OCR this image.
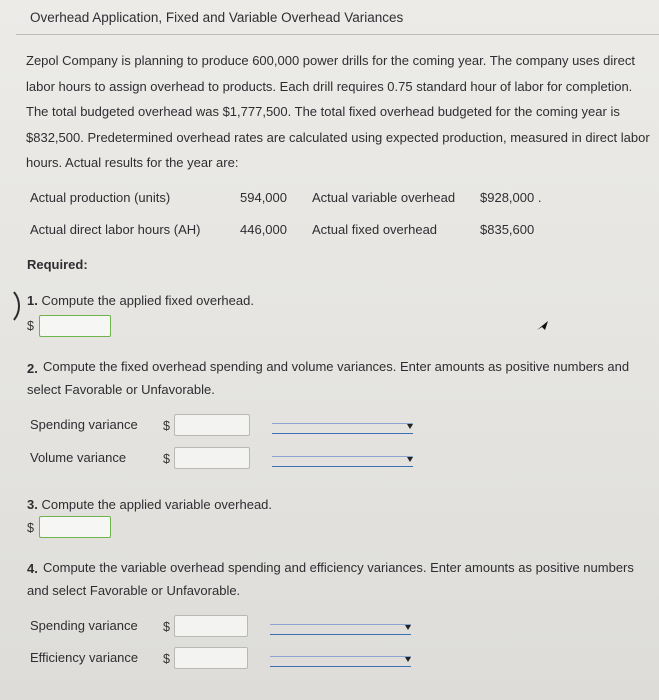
Overhead Application, Fixed and Variable Overhead Variances
Zepol Company is planning to produce 600,000 power drills for the coming year. The company uses direct labor hours to assign overhead to products. Each drill requires 0.75 standard hour of labor for completion. The total budgeted overhead was $1,777,500. The total fixed overhead budgeted for the coming year is $832,500. Predetermined overhead rates are calculated using expected production, measured in direct labor hours. Actual results for the year are:
Actual production (units)	594,000 Actual variable overhead $928,000 .
Actual direct labor hours (AH)	446,000 Actual fixed overhead	$835,600
Required:
1. Compute the applied fixed overhead.
$
2. Compute the fixed overhead spending and volume variances. Enter amounts as positive numbers and select Favorable or Unfavorable.
Spending variance $
Volume variance	$
3. Compute the applied variable overhead.
$
4. Compute the variable overhead spending and efficiency variances. Enter amounts as positive numbers and select Favorable or Unfavorable.
Spending variance $
Efficiency variance $
